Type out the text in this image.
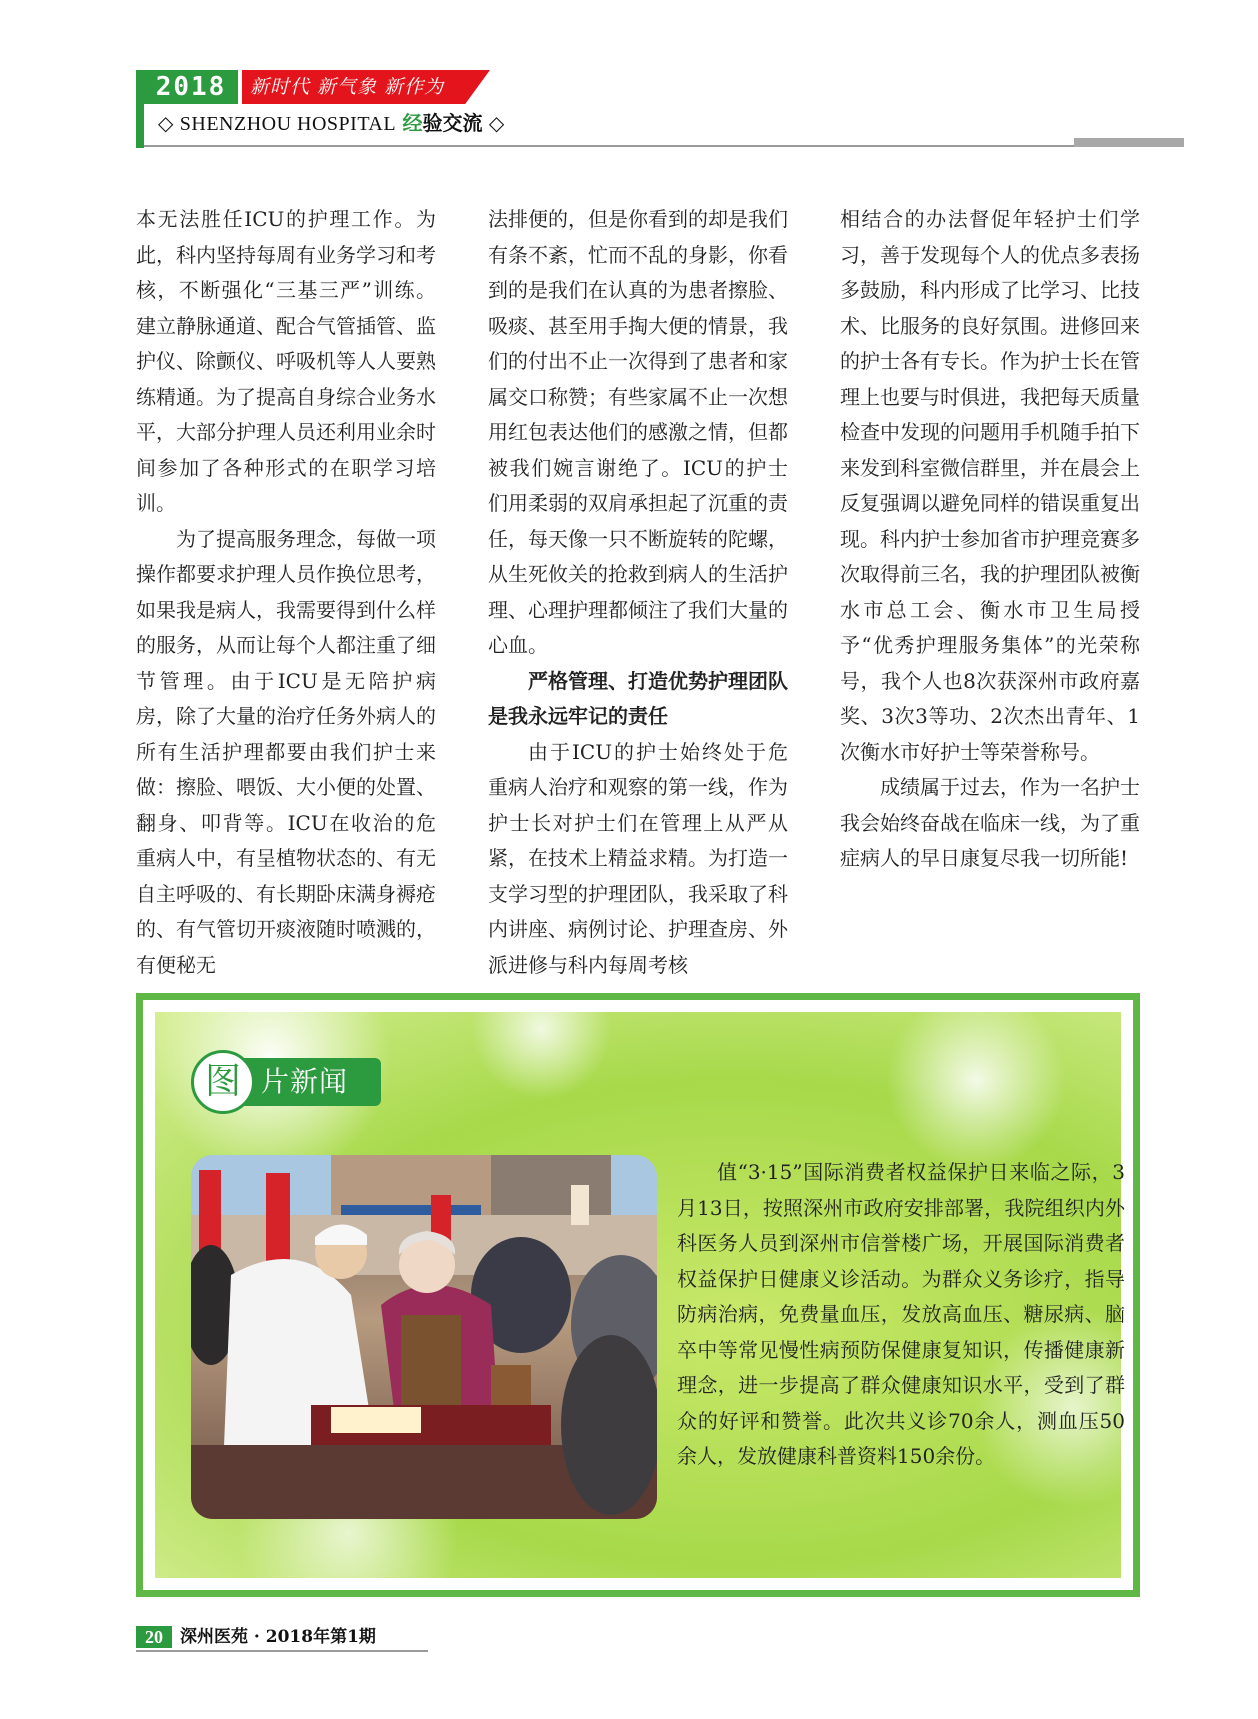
2018	新时代 新气象 新作为
◇ SHENZHOU HOSPITAL 经验交流 ◇

本无法胜任ICU的护理工作。为此，科内坚持每周有业务学习和考核，不断强化“三基三严”训练。建立静脉通道、配合气管插管、监护仪、除颤仪、呼吸机等人人要熟练精通。为了提高自身综合业务水平，大部分护理人员还利用业余时间参加了各种形式的在职学习培训。

为了提高服务理念，每做一项操作都要求护理人员作换位思考，如果我是病人，我需要得到什么样的服务，从而让每个人都注重了细节管理。由于ICU是无陪护病房，除了大量的治疗任务外病人的所有生活护理都要由我们护士来做：擦脸、喂饭、大小便的处置、翻身、叩背等。ICU在收治的危重病人中，有呈植物状态的、有无自主呼吸的、有长期卧床满身褥疮的、有气管切开痰液随时喷溅的，有便秘无

法排便的，但是你看到的却是我们有条不紊，忙而不乱的身影，你看到的是我们在认真的为患者擦脸、吸痰、甚至用手掏大便的情景，我们的付出不止一次得到了患者和家属交口称赞；有些家属不止一次想用红包表达他们的感激之情，但都被我们婉言谢绝了。ICU的护士们用柔弱的双肩承担起了沉重的责任，每天像一只不断旋转的陀螺，从生死攸关的抢救到病人的生活护理、心理护理都倾注了我们大量的心血。

严格管理、打造优势护理团队是我永远牢记的责任

由于ICU的护士始终处于危重病人治疗和观察的第一线，作为护士长对护士们在管理上从严从紧，在技术上精益求精。为打造一支学习型的护理团队，我采取了科内讲座、病例讨论、护理查房、外派进修与科内每周考核

相结合的办法督促年轻护士们学习，善于发现每个人的优点多表扬多鼓励，科内形成了比学习、比技术、比服务的良好氛围。进修回来的护士各有专长。作为护士长在管理上也要与时俱进，我把每天质量检查中发现的问题用手机随手拍下来发到科室微信群里，并在晨会上反复强调以避免同样的错误重复出现。科内护士参加省市护理竞赛多次取得前三名，我的护理团队被衡水市总工会、衡水市卫生局授予“优秀护理服务集体”的光荣称号，我个人也8次获深州市政府嘉奖、3次3等功、2次杰出青年、1次衡水市好护士等荣誉称号。

成绩属于过去，作为一名护士我会始终奋战在临床一线，为了重症病人的早日康复尽我一切所能!

图 片新闻

值“3·15”国际消费者权益保护日来临之际，3月13日，按照深州市政府安排部署，我院组织内外科医务人员到深州市信誉楼广场，开展国际消费者权益保护日健康义诊活动。为群众义务诊疗，指导防病治病，免费量血压，发放高血压、糖尿病、脑卒中等常见慢性病预防保健康复知识，传播健康新理念，进一步提高了群众健康知识水平，受到了群众的好评和赞誉。此次共义诊70余人，测血压50余人，发放健康科普资料150余份。

20	深州医苑 · 2018年第1期
